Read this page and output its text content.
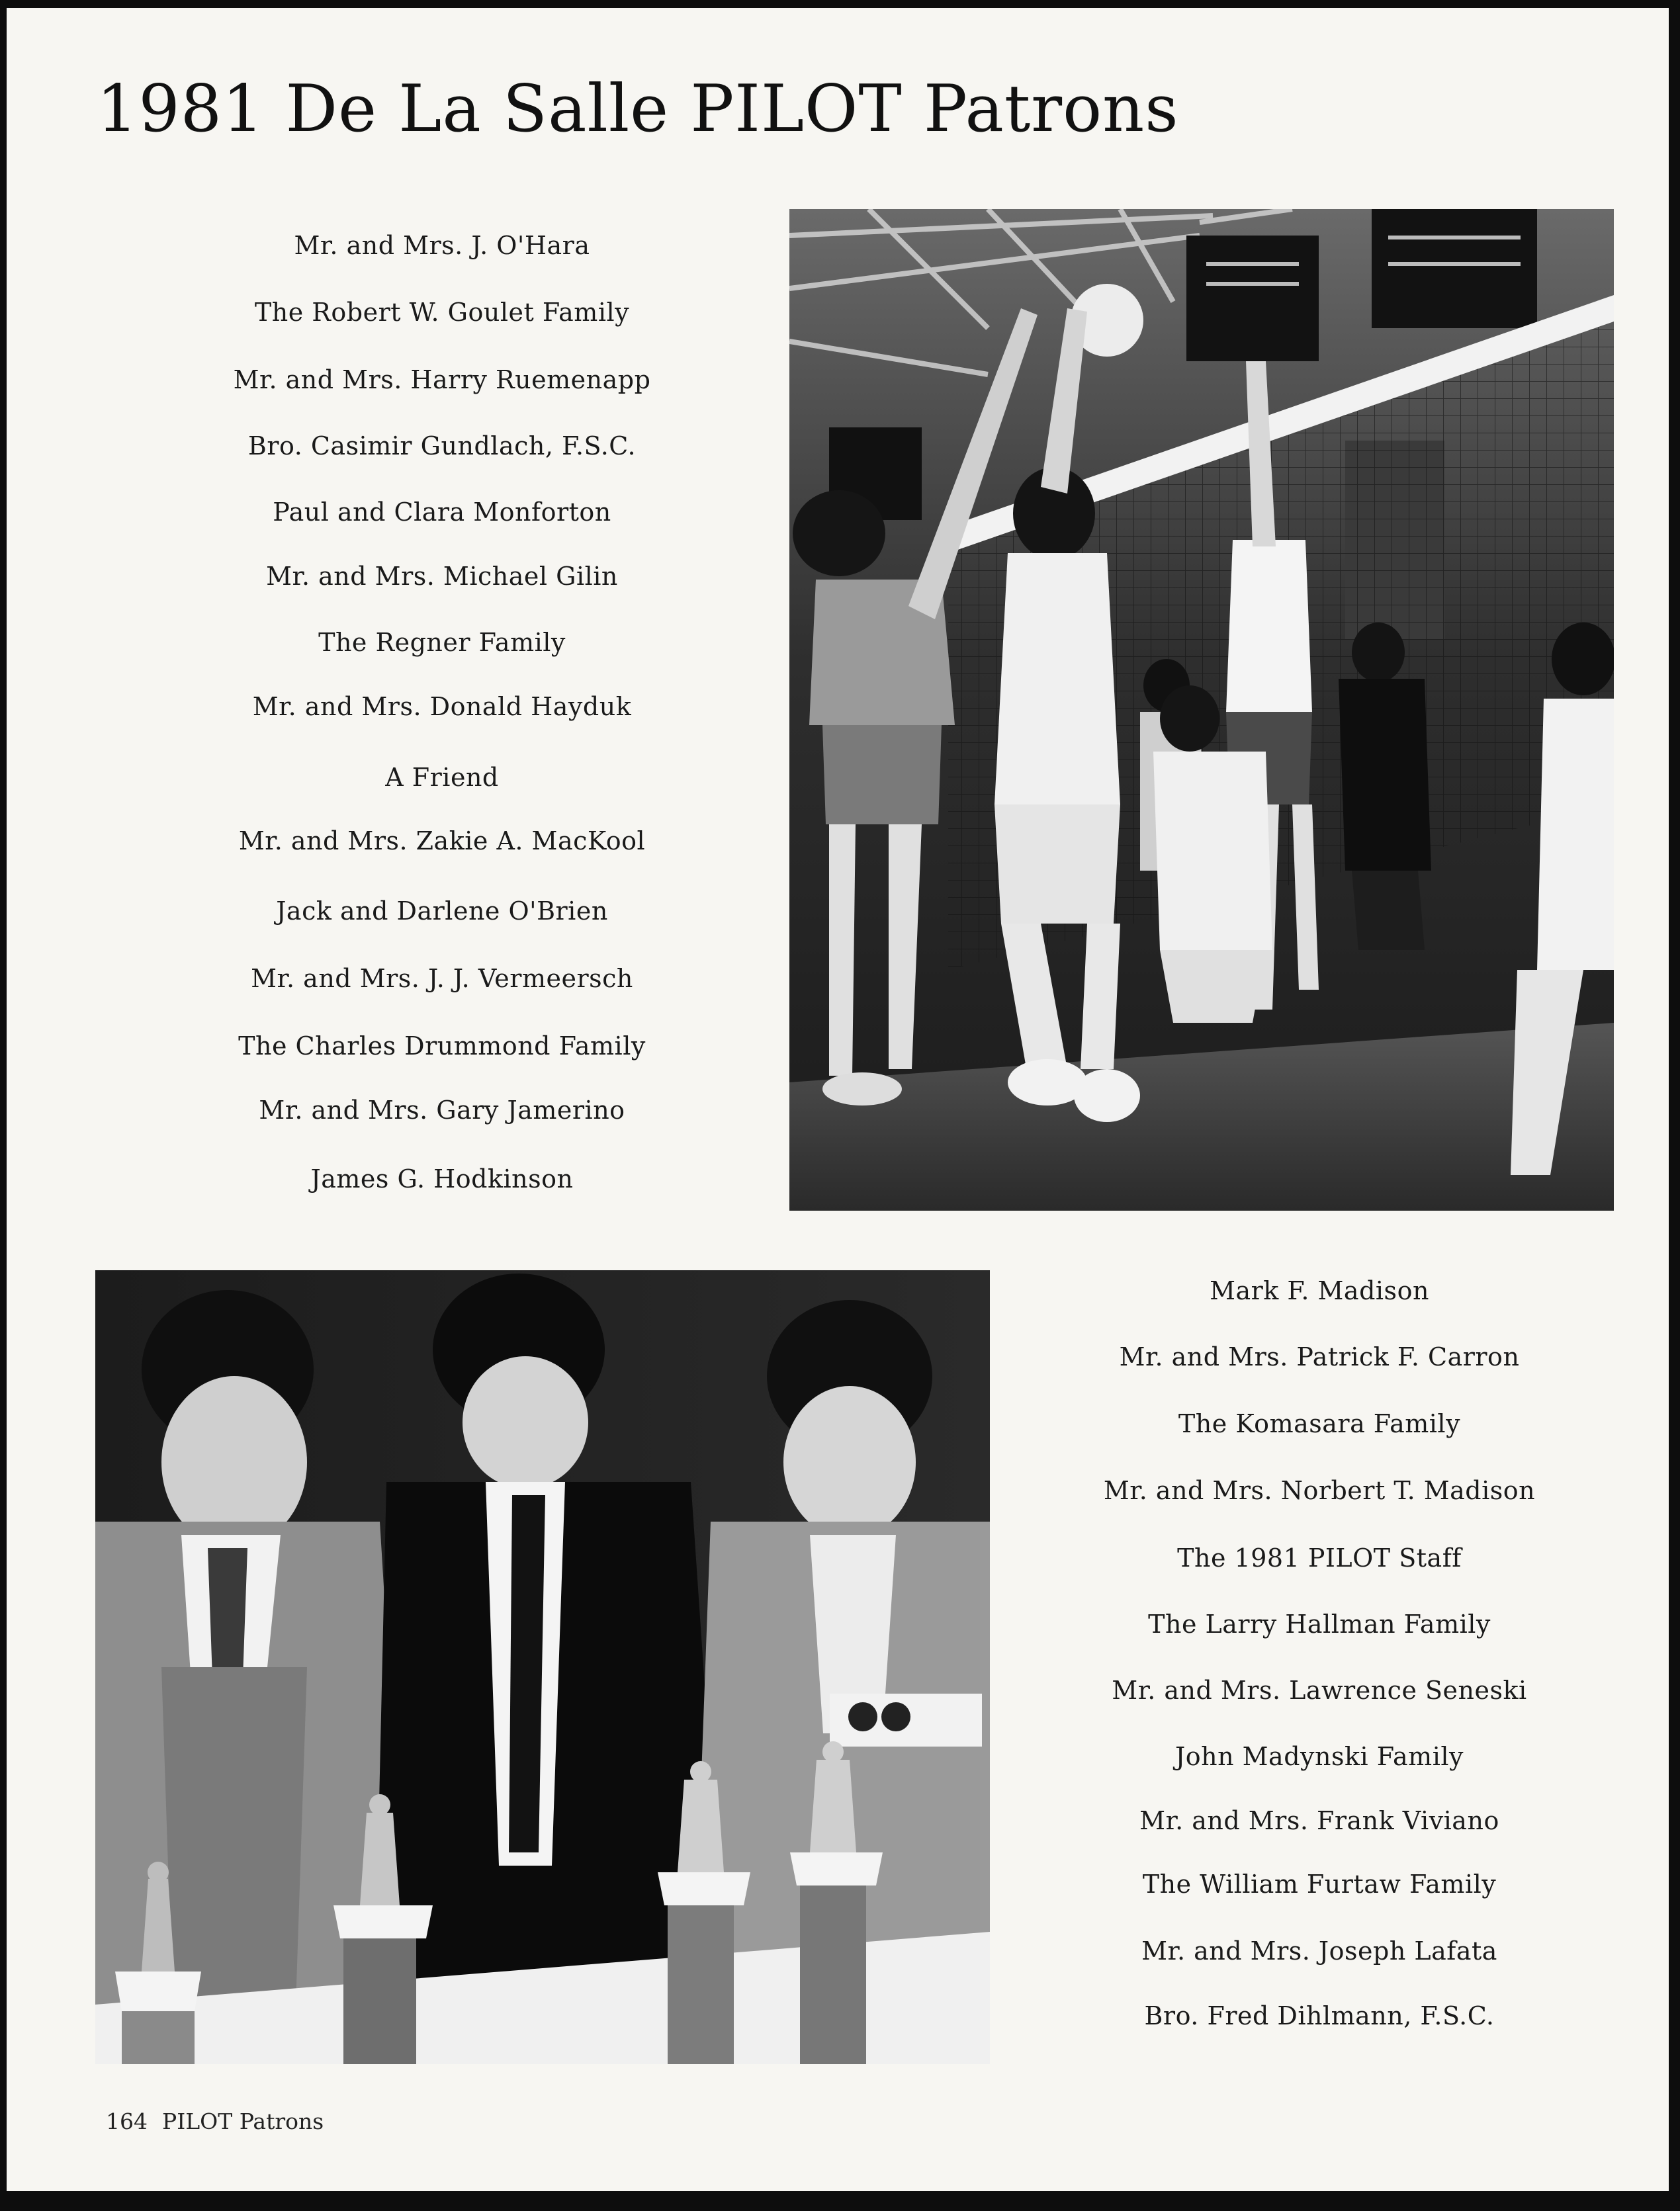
1981 De La Salle PILOT Patrons
Mr. and Mrs. J. O'Hara
The Robert W. Goulet Family
Mr. and Mrs. Harry Ruemenapp
Bro. Casimir Gundlach, F.S.C.
Paul and Clara Monforton
Mr. and Mrs. Michael Gilin
The Regner Family
Mr. and Mrs. Donald Hayduk
A Friend
Mr. and Mrs. Zakie A. MacKool
Jack and Darlene O'Brien
Mr. and Mrs. J. J. Vermeersch
The Charles Drummond Family
Mr. and Mrs. Gary Jamerino
James G. Hodkinson
Mark F. Madison
Mr. and Mrs. Patrick F. Carron
The Komasara Family
Mr. and Mrs. Norbert T. Madison
The 1981 PILOT Staff
The Larry Hallman Family
Mr. and Mrs. Lawrence Seneski
John Madynski Family
Mr. and Mrs. Frank Viviano
The William Furtaw Family
Mr. and Mrs. Joseph Lafata
Bro. Fred Dihlmann, F.S.C.
164 PILOT Patrons
